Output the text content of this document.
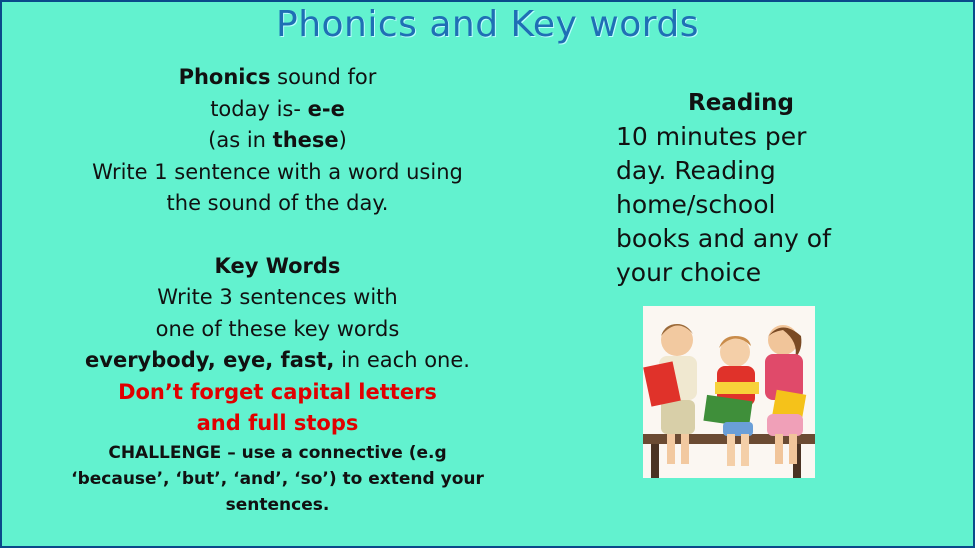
Phonics and Key words
Phonics sound for
today is- e-e
(as in these)
Write 1 sentence with a word using
the sound of the day.
Key Words
Write 3 sentences with
one of these key words
everybody, eye, fast, in each one.
Don’t forget capital letters
and full stops
CHALLENGE – use a connective (e.g
‘because’, ‘but’, ‘and’, ‘so’) to extend your
sentences.
Reading
10 minutes per
day. Reading
home/school
books and any of
your choice
